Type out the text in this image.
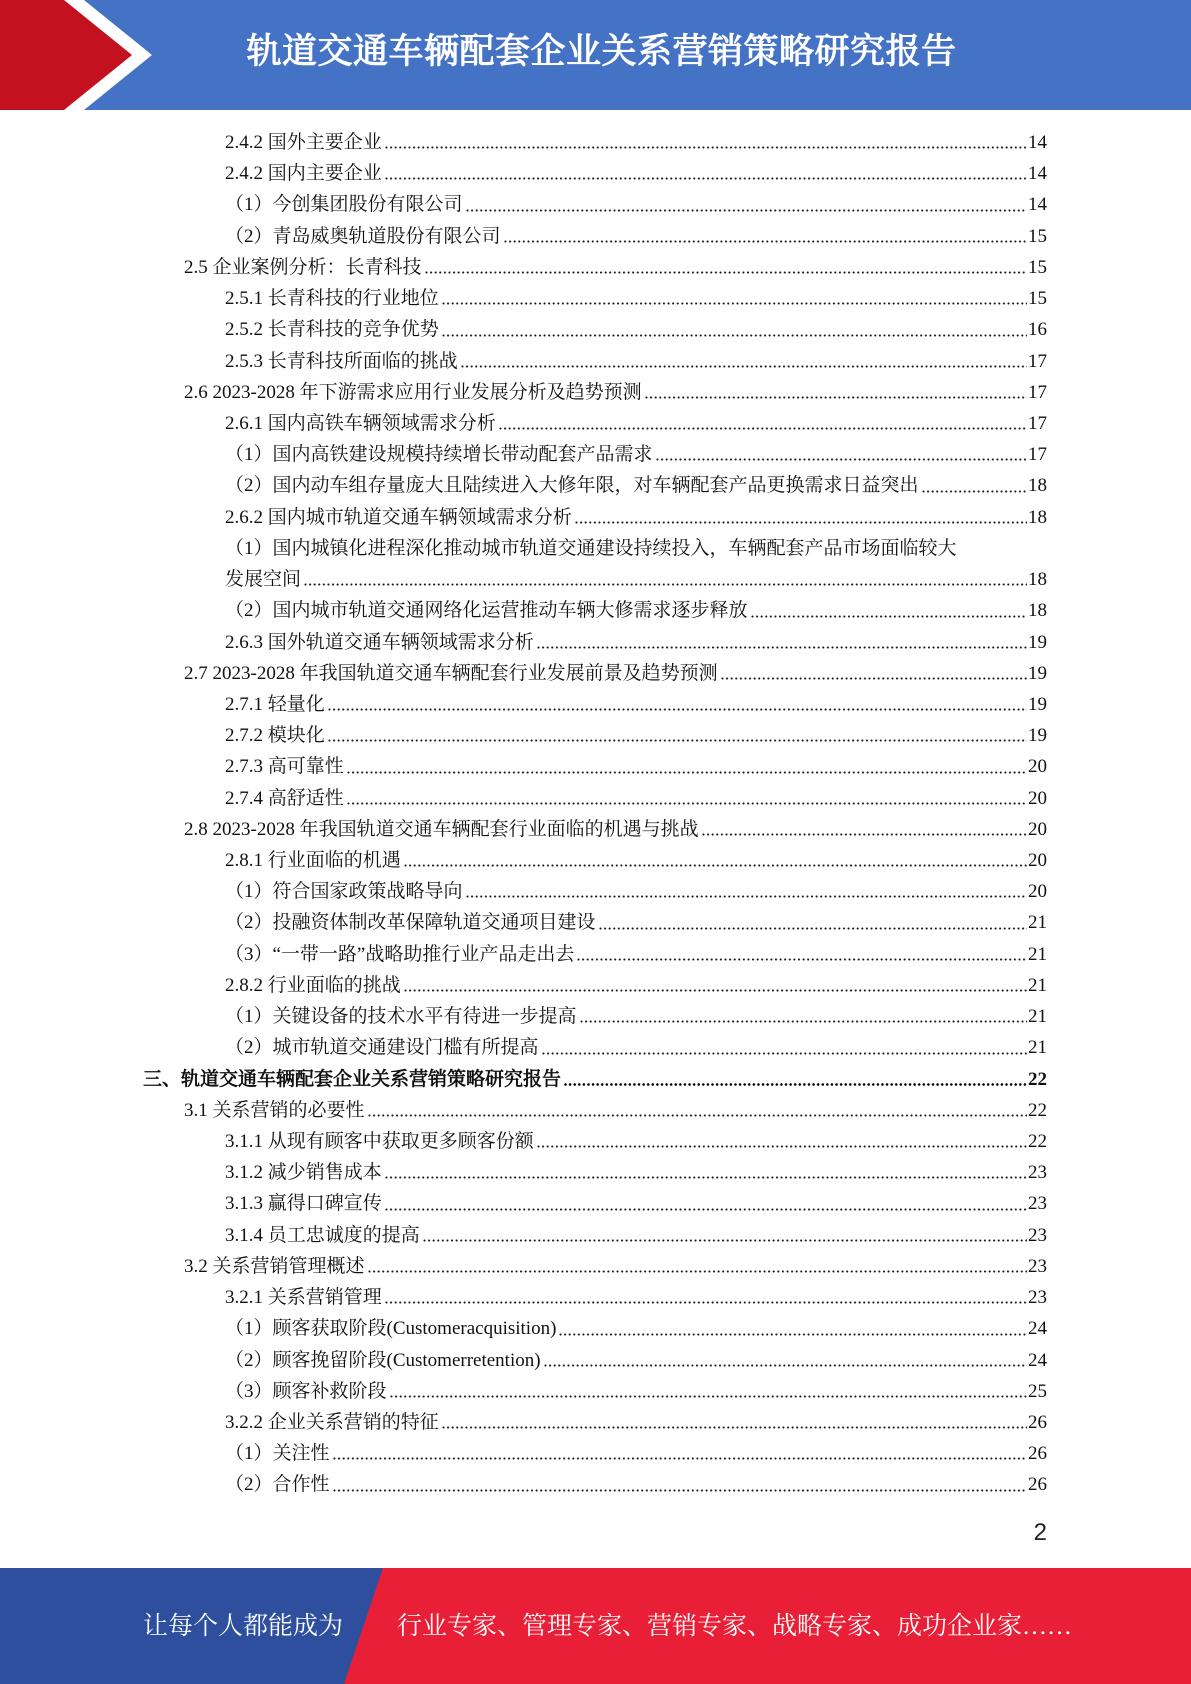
轨道交通车辆配套企业关系营销策略研究报告
2.4.2 国外主要企业	14
2.4.2 国内主要企业	14
（1）今创集团股份有限公司	14
（2）青岛威奥轨道股份有限公司	15
2.5 企业案例分析：长青科技	15
2.5.1 长青科技的行业地位	15
2.5.2 长青科技的竞争优势	16
2.5.3 长青科技所面临的挑战	17
2.6 2023-2028 年下游需求应用行业发展分析及趋势预测	17
2.6.1 国内高铁车辆领域需求分析	17
（1）国内高铁建设规模持续增长带动配套产品需求	17
（2）国内动车组存量庞大且陆续进入大修年限，对车辆配套产品更换需求日益突出	18
2.6.2 国内城市轨道交通车辆领域需求分析	18
（1）国内城镇化进程深化推动城市轨道交通建设持续投入，车辆配套产品市场面临较大
发展空间	18
（2）国内城市轨道交通网络化运营推动车辆大修需求逐步释放	18
2.6.3 国外轨道交通车辆领域需求分析	19
2.7 2023-2028 年我国轨道交通车辆配套行业发展前景及趋势预测	19
2.7.1 轻量化	19
2.7.2 模块化	19
2.7.3 高可靠性	20
2.7.4 高舒适性	20
2.8 2023-2028 年我国轨道交通车辆配套行业面临的机遇与挑战	20
2.8.1 行业面临的机遇	20
（1）符合国家政策战略导向	20
（2）投融资体制改革保障轨道交通项目建设	21
（3）“一带一路”战略助推行业产品走出去	21
2.8.2 行业面临的挑战	21
（1）关键设备的技术水平有待进一步提高	21
（2）城市轨道交通建设门槛有所提高	21
三、轨道交通车辆配套企业关系营销策略研究报告	22
3.1 关系营销的必要性	22
3.1.1 从现有顾客中获取更多顾客份额	22
3.1.2 减少销售成本	23
3.1.3 赢得口碑宣传	23
3.1.4 员工忠诚度的提高	23
3.2 关系营销管理概述	23
3.2.1 关系营销管理	23
（1）顾客获取阶段(Customeracquisition)	24
（2）顾客挽留阶段(Customerretention)	24
（3）顾客补救阶段	25
3.2.2 企业关系营销的特征	26
（1）关注性	26
（2）合作性	26
2
让每个人都能成为 行业专家、管理专家、营销专家、战略专家、成功企业家……
